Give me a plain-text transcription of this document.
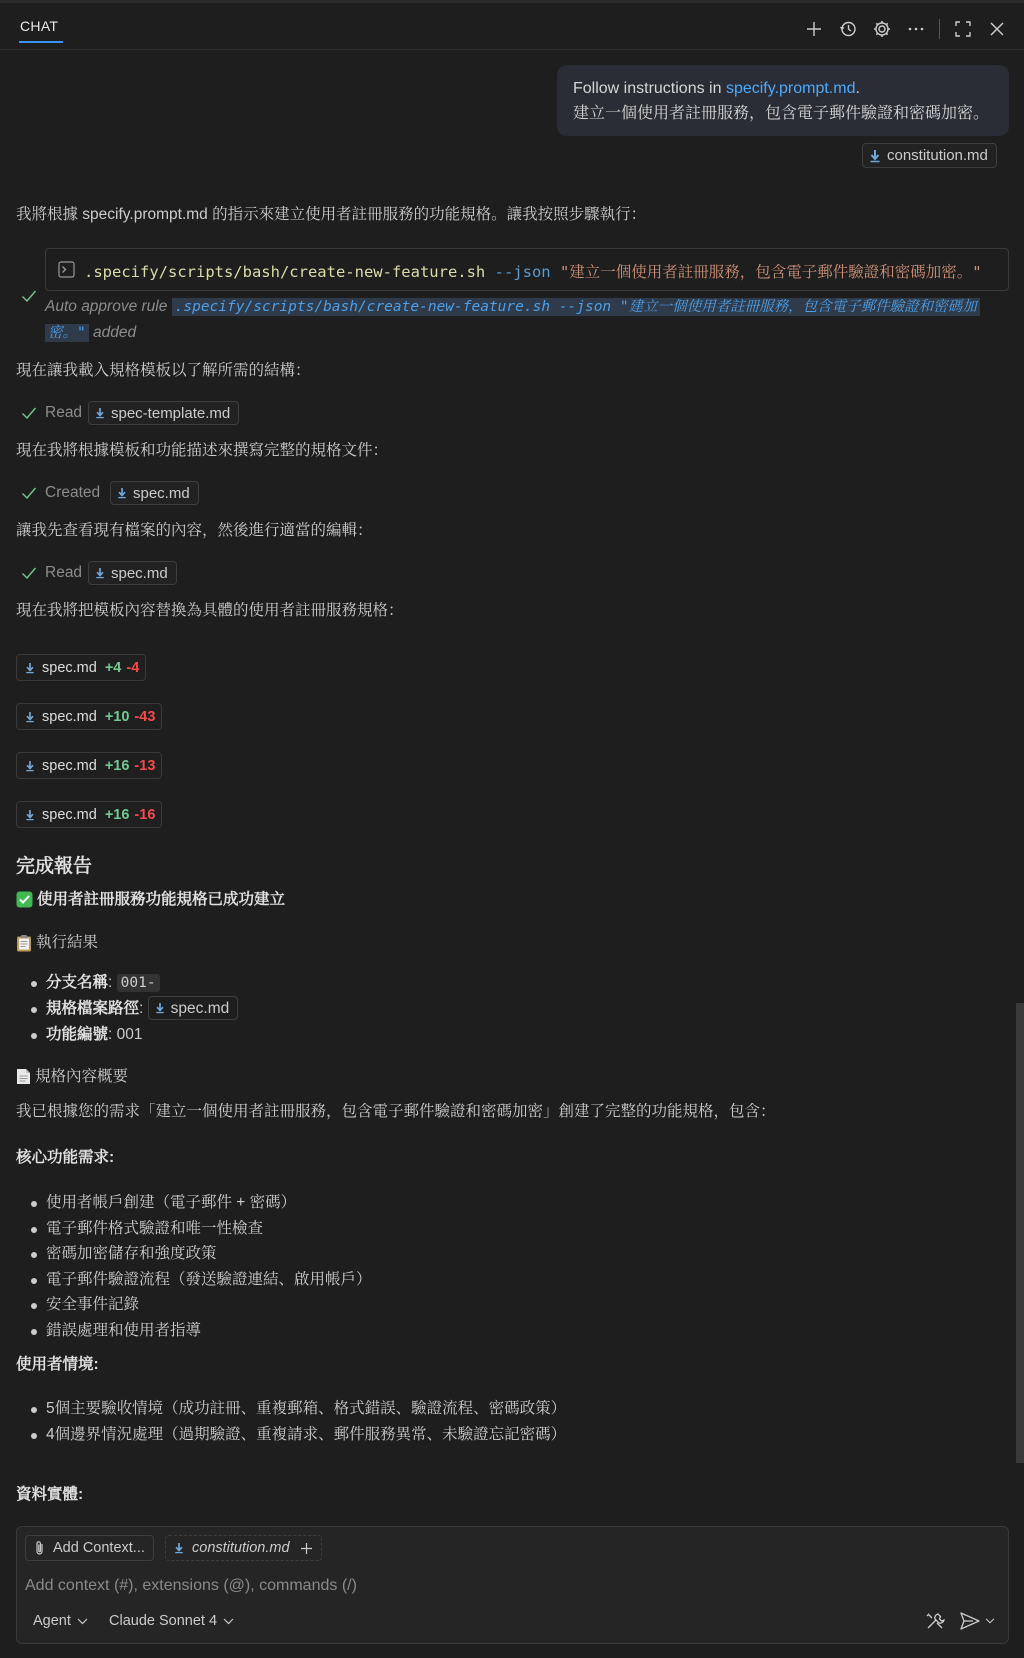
CHAT
Follow instructions in specify.prompt.md.
建立一個使用者註冊服務，包含電子郵件驗證和密碼加密。
constitution.md
我將根據 specify.prompt.md 的指示來建立使用者註冊服務的功能規格。讓我按照步驟執行：
.specify/scripts/bash/create-new-feature.sh --json "建立一個使用者註冊服務，包含電子郵件驗證和密碼加密。"
Auto approve rule .specify/scripts/bash/create-new-feature.sh --json "建立一個使用者註冊服務，包含電子郵件驗證和密碼加
密。" added
現在讓我載入規格模板以了解所需的結構：
Read spec-template.md
現在我將根據模板和功能描述來撰寫完整的規格文件：
Created spec.md
讓我先查看現有檔案的內容，然後進行適當的編輯：
Read spec.md
現在我將把模板內容替換為具體的使用者註冊服務規格：
spec.md +4 -4
spec.md +10 -43
spec.md +16 -13
spec.md +16 -16
完成報告
使用者註冊服務功能規格已成功建立
執行結果
分支名稱: 001-
規格檔案路徑: spec.md
功能編號: 001
規格內容概要
我已根據您的需求「建立一個使用者註冊服務，包含電子郵件驗證和密碼加密」創建了完整的功能規格，包含：
核心功能需求:
使用者帳戶創建（電子郵件 + 密碼）
電子郵件格式驗證和唯一性檢查
密碼加密儲存和強度政策
電子郵件驗證流程（發送驗證連結、啟用帳戶）
安全事件記錄
錯誤處理和使用者指導
使用者情境:
5個主要驗收情境（成功註冊、重複郵箱、格式錯誤、驗證流程、密碼政策）
4個邊界情況處理（過期驗證、重複請求、郵件服務異常、未驗證忘記密碼）
資料實體:
Add Context...	constitution.md
Add context (#), extensions (@), commands (/)
Agent	Claude Sonnet 4
